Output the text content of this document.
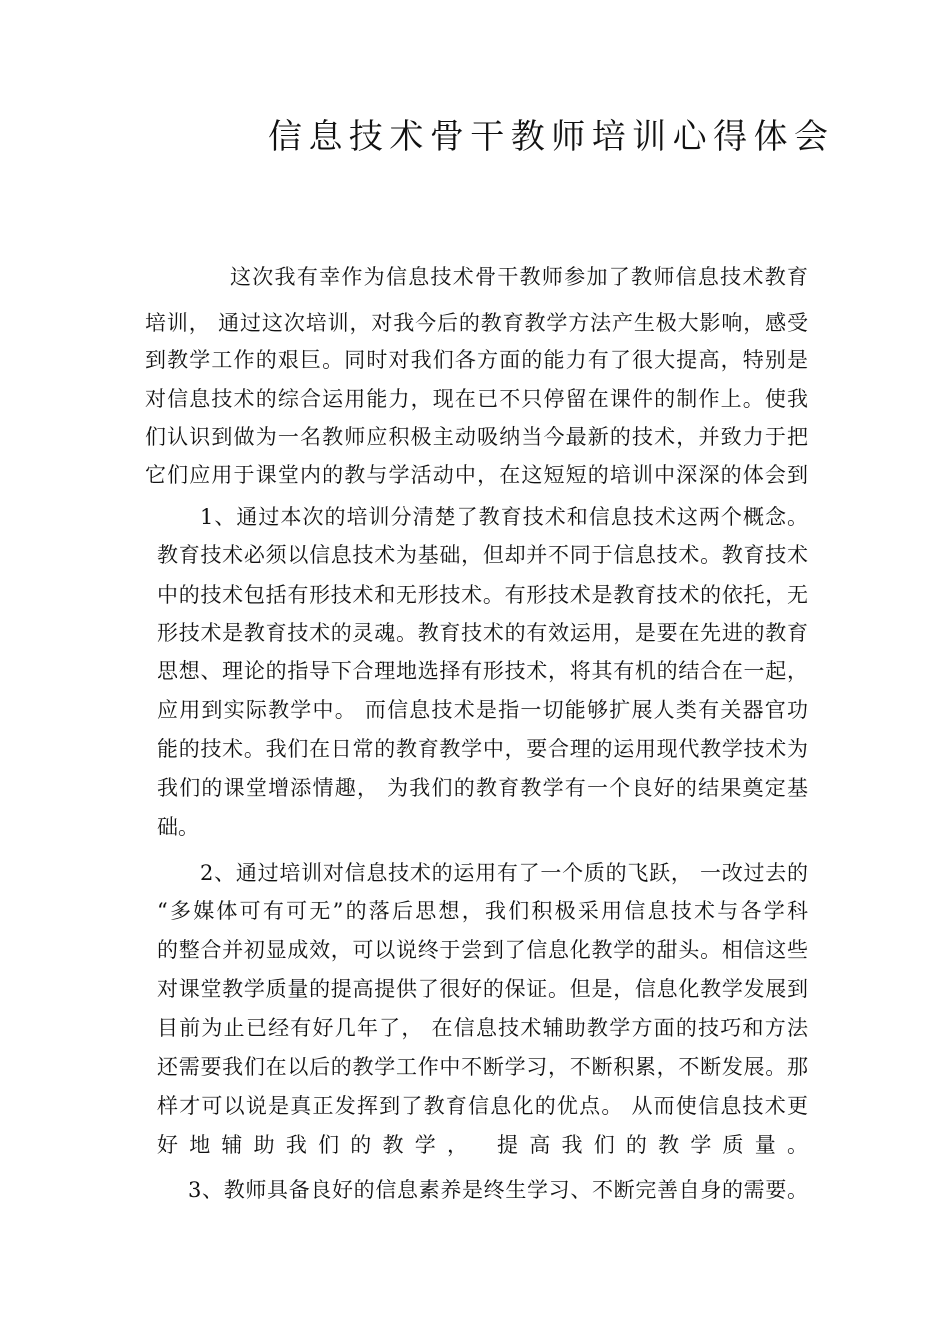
信息技术骨干教师培训心得体会
这次我有幸作为信息技术骨干教师参加了教师信息技术教育
培训， 通过这次培训，对我今后的教育教学方法产生极大影响，感受
到教学工作的艰巨。同时对我们各方面的能力有了很大提高，特别是
对信息技术的综合运用能力，现在已不只停留在课件的制作上。使我
们认识到做为一名教师应积极主动吸纳当今最新的技术，并致力于把
它们应用于课堂内的教与学活动中，在这短短的培训中深深的体会到
1、通过本次的培训分清楚了教育技术和信息技术这两个概念。
教育技术必须以信息技术为基础，但却并不同于信息技术。教育技术
中的技术包括有形技术和无形技术。有形技术是教育技术的依托，无
形技术是教育技术的灵魂。教育技术的有效运用，是要在先进的教育
思想、理论的指导下合理地选择有形技术，将其有机的结合在一起，
应用到实际教学中。 而信息技术是指一切能够扩展人类有关器官功
能的技术。我们在日常的教育教学中，要合理的运用现代教学技术为
我们的课堂增添情趣， 为我们的教育教学有一个良好的结果奠定基
础。
2、通过培训对信息技术的运用有了一个质的飞跃， 一改过去的
“多媒体可有可无”的落后思想，我们积极采用信息技术与各学科
的整合并初显成效，可以说终于尝到了信息化教学的甜头。相信这些
对课堂教学质量的提高提供了很好的保证。但是，信息化教学发展到
目前为止已经有好几年了， 在信息技术辅助教学方面的技巧和方法
还需要我们在以后的教学工作中不断学习，不断积累，不断发展。那
样才可以说是真正发挥到了教育信息化的优点。 从而使信息技术更
好地辅助我们的教学， 提高我们的教学质量。
3、教师具备良好的信息素养是终生学习、不断完善自身的需要。
